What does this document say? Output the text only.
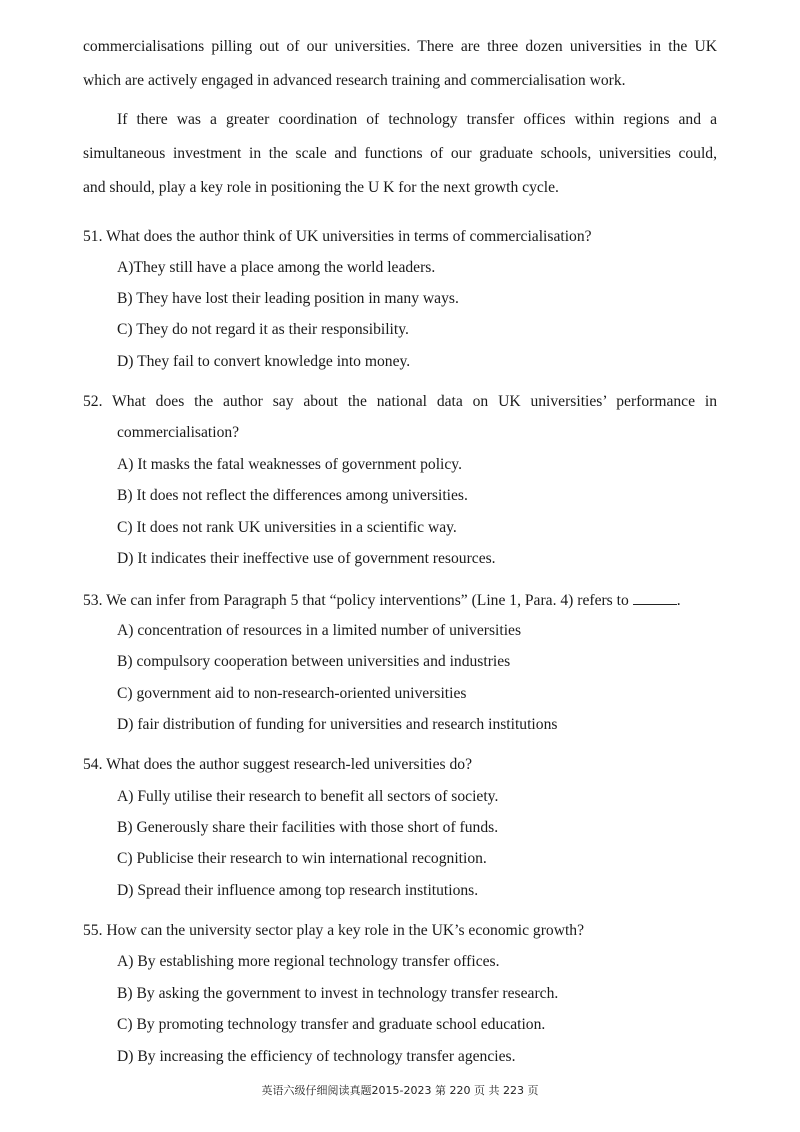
commercialisations pilling out of our universities. There are three dozen universities in the UK
which are actively engaged in advanced research training and commercialisation work.
If there was a greater coordination of technology transfer offices within regions and a
simultaneous investment in the scale and functions of our graduate schools, universities could,
and should, play a key role in positioning the U K for the next growth cycle.
51. What does the author think of UK universities in terms of commercialisation?
A)They still have a place among the world leaders.
B) They have lost their leading position in many ways.
C) They do not regard it as their responsibility.
D) They fail to convert knowledge into money.
52. What does the author say about the national data on UK universities’ performance in
commercialisation?
A) It masks the fatal weaknesses of government policy.
B) It does not reflect the differences among universities.
C) It does not rank UK universities in a scientific way.
D) It indicates their ineffective use of government resources.
53. We can infer from Paragraph 5 that “policy interventions” (Line 1, Para. 4) refers to	.
A) concentration of resources in a limited number of universities
B) compulsory cooperation between universities and industries
C) government aid to non-research-oriented universities
D) fair distribution of funding for universities and research institutions
54. What does the author suggest research-led universities do?
A) Fully utilise their research to benefit all sectors of society.
B) Generously share their facilities with those short of funds.
C) Publicise their research to win international recognition.
D) Spread their influence among top research institutions.
55. How can the university sector play a key role in the UK’s economic growth?
A) By establishing more regional technology transfer offices.
B) By asking the government to invest in technology transfer research.
C) By promoting technology transfer and graduate school education.
D) By increasing the efficiency of technology transfer agencies.
英语六级仔细阅读真题2015-2023 第 220 页 共 223 页
